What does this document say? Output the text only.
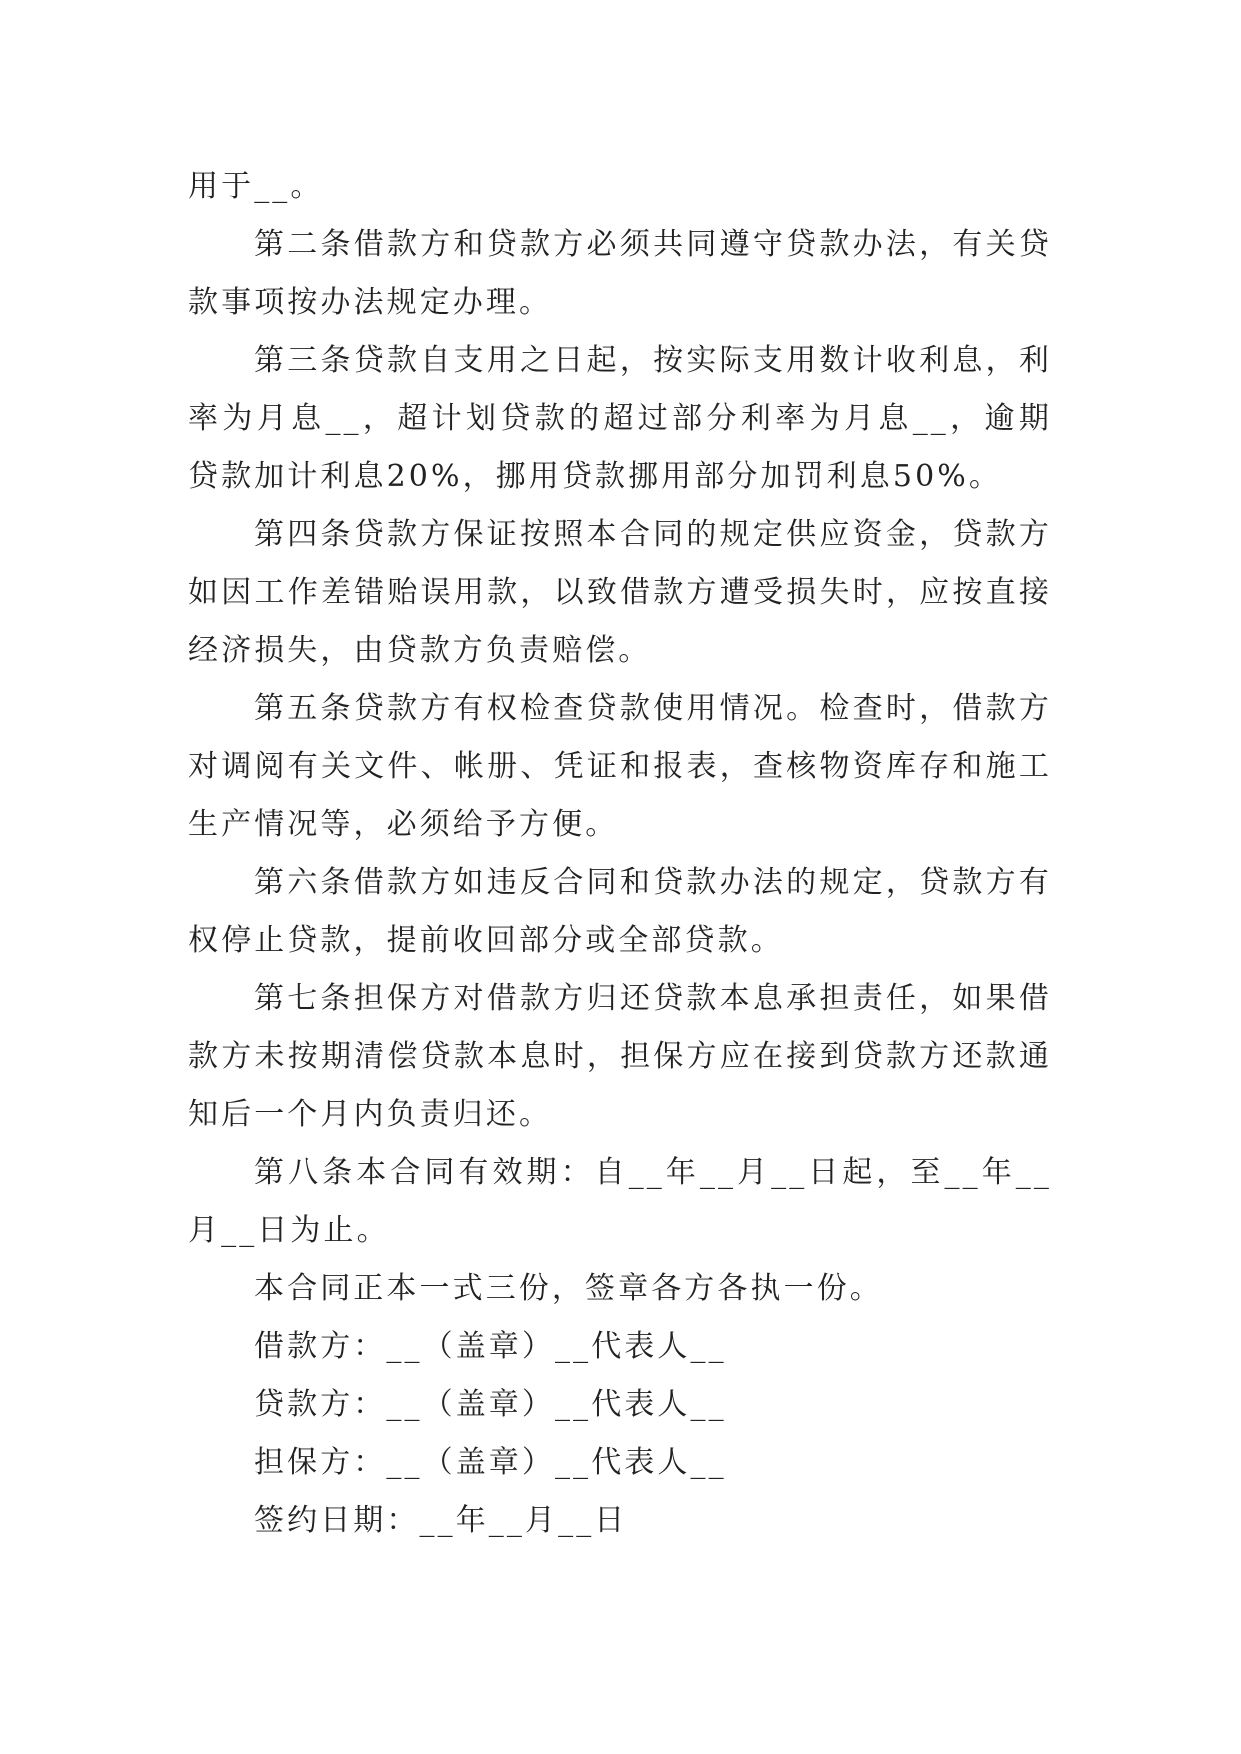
用于__。

第二条借款方和贷款方必须共同遵守贷款办法，有关贷款事项按办法规定办理。

第三条贷款自支用之日起，按实际支用数计收利息，利率为月息__，超计划贷款的超过部分利率为月息__，逾期贷款加计利息20%，挪用贷款挪用部分加罚利息50%。

第四条贷款方保证按照本合同的规定供应资金，贷款方如因工作差错贻误用款，以致借款方遭受损失时，应按直接经济损失，由贷款方负责赔偿。

第五条贷款方有权检查贷款使用情况。检查时，借款方对调阅有关文件、帐册、凭证和报表，查核物资库存和施工生产情况等，必须给予方便。

第六条借款方如违反合同和贷款办法的规定，贷款方有权停止贷款，提前收回部分或全部贷款。

第七条担保方对借款方归还贷款本息承担责任，如果借款方未按期清偿贷款本息时，担保方应在接到贷款方还款通知后一个月内负责归还。

第八条本合同有效期：自__年__月__日起，至__年__月__日为止。

本合同正本一式三份，签章各方各执一份。

借款方：__（盖章）__代表人__

贷款方：__（盖章）__代表人__

担保方：__（盖章）__代表人__

签约日期：__年__月__日
